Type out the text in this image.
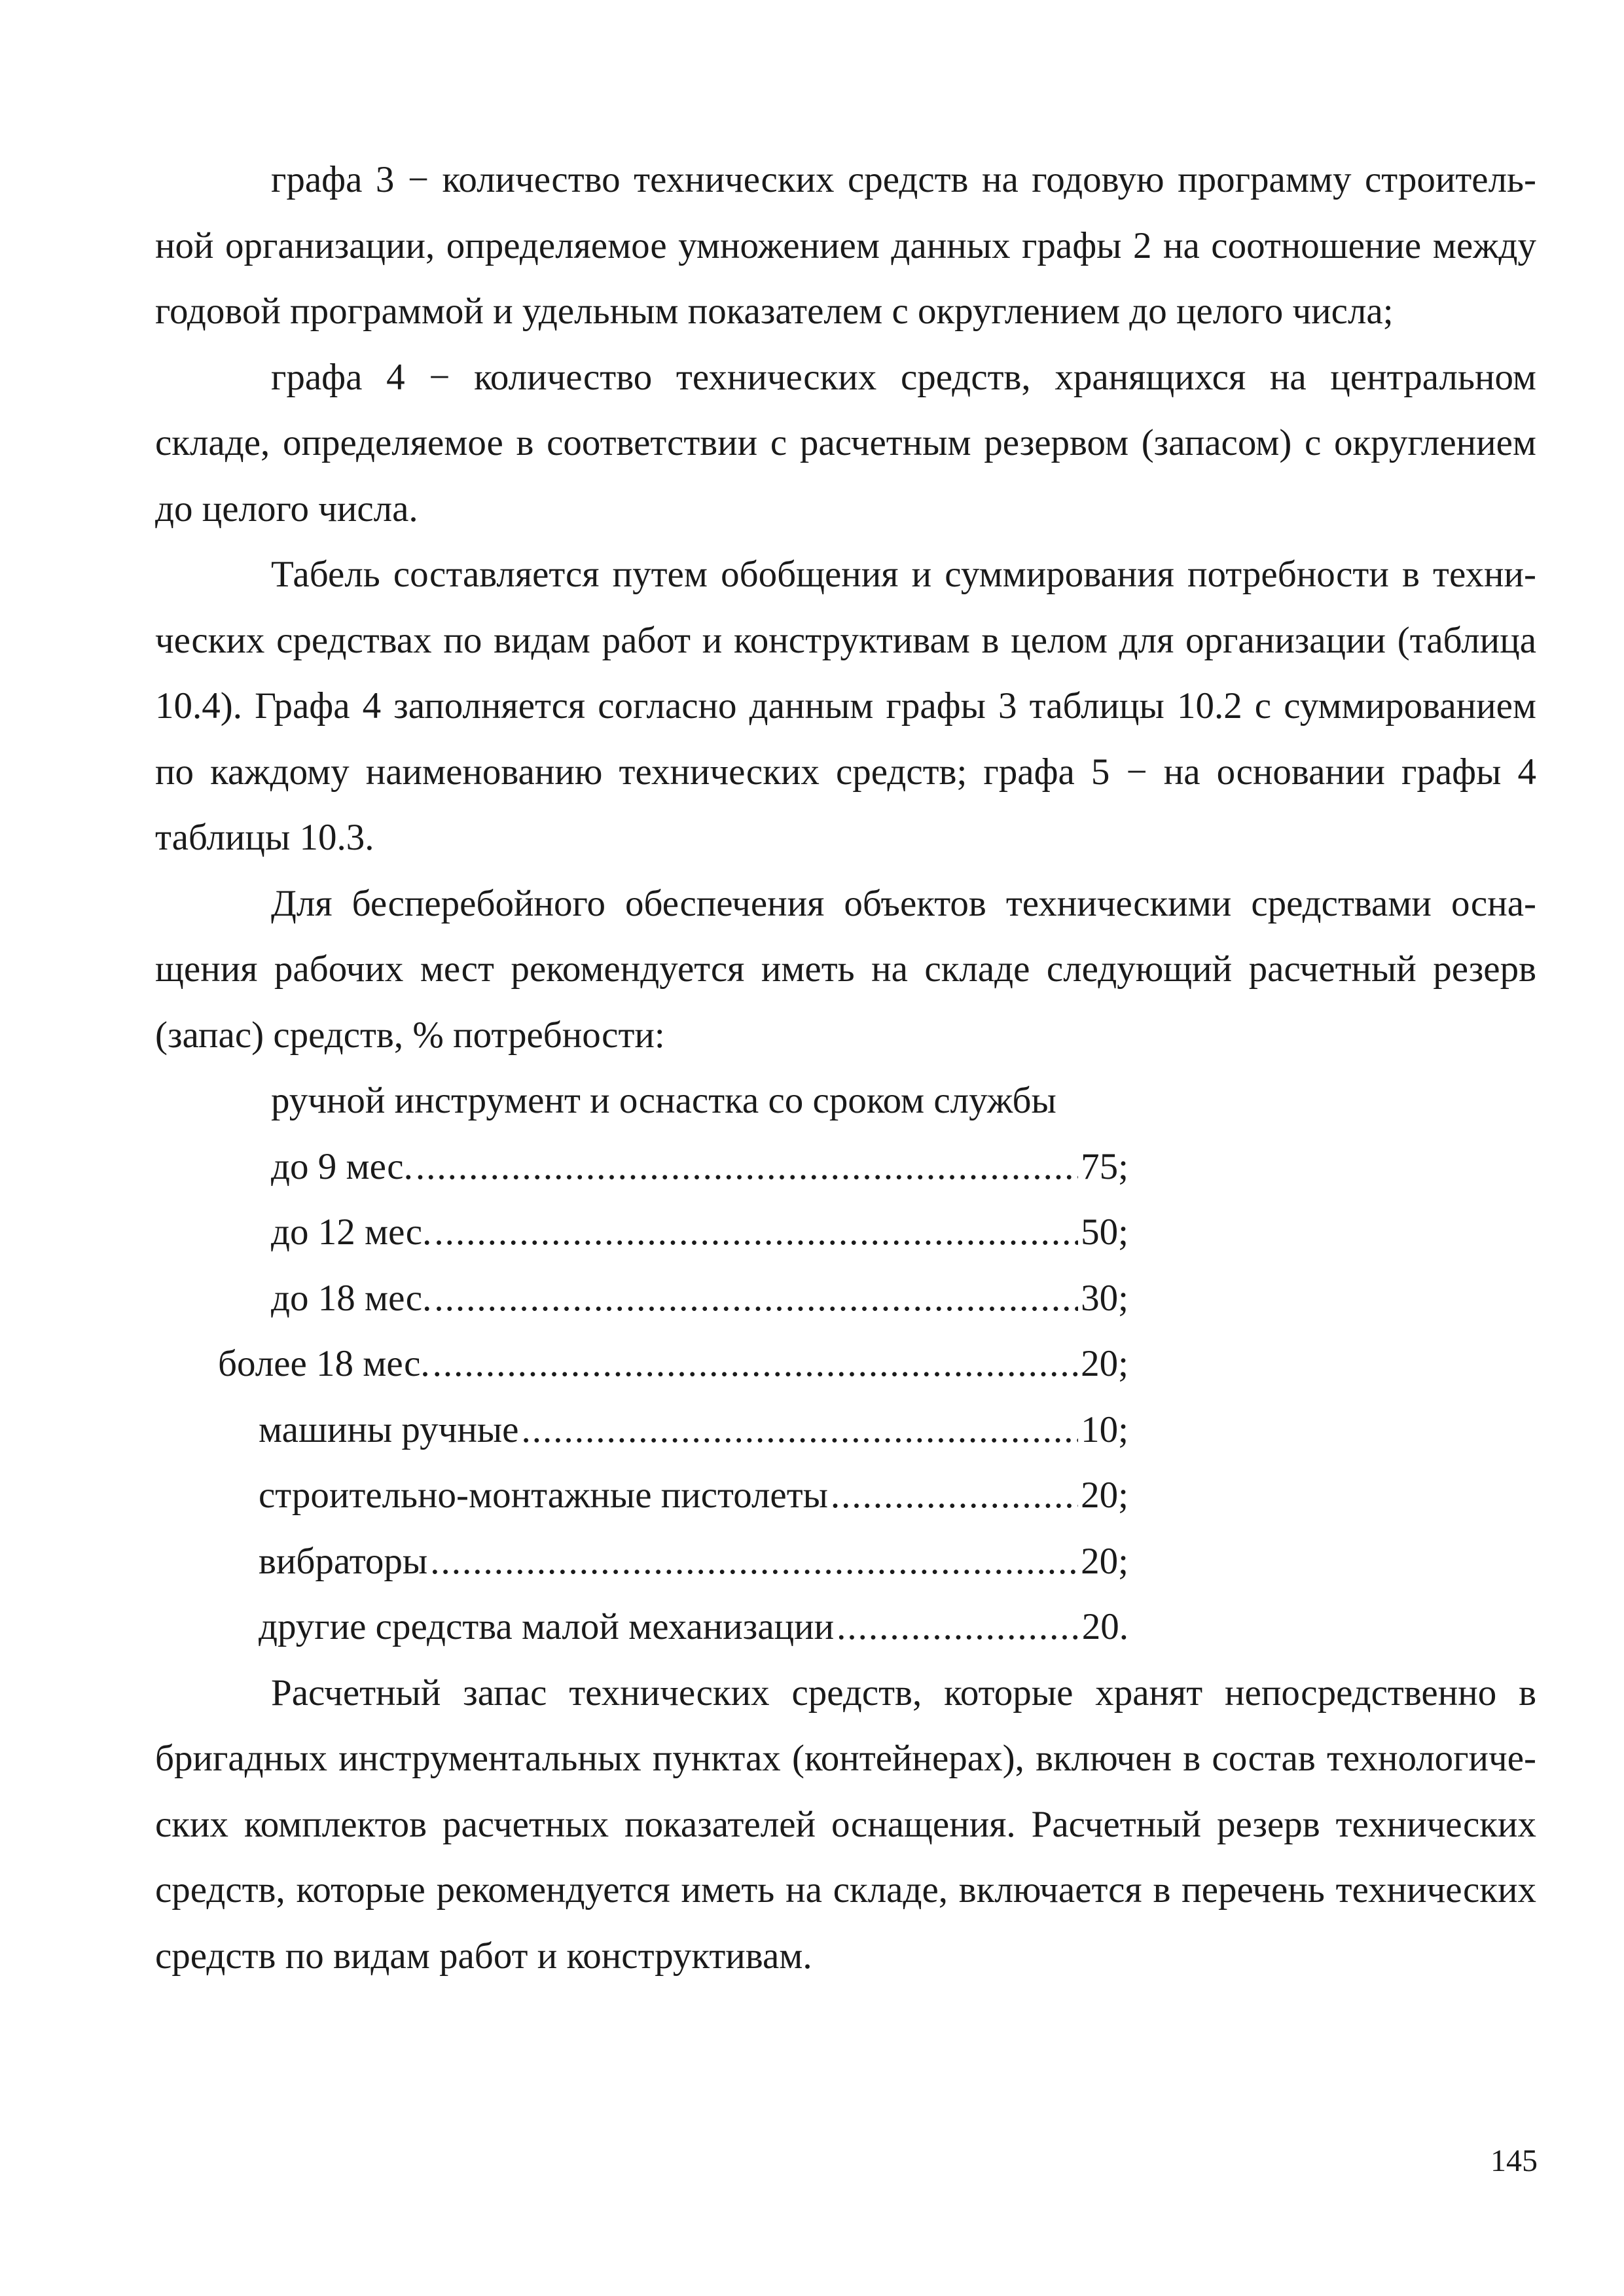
графа 3 − количество технических средств на годовую программу строительной организации, определяемое умножением данных графы 2 на соотношение между годовой программой и удельным показателем с округлением до целого числа;

графа 4 − количество технических средств, хранящихся на центральном складе, определяемое в соответствии с расчетным резервом (запасом) с округлением до целого числа.

Табель составляется путем обобщения и суммирования потребности в технических средствах по видам работ и конструктивам в целом для организации (таблица 10.4). Графа 4 заполняется согласно данным графы 3 таблицы 10.2 с суммированием по каждому наименованию технических средств; графа 5 − на основании графы 4 таблицы 10.3.

Для бесперебойного обеспечения объектов техническими средствами оснащения рабочих мест рекомендуется иметь на складе следующий расчетный резерв (запас) средств, % потребности:

ручной инструмент и оснастка со сроком службы
до 9 мес. .....	75;
до 12 мес. .....	50;
до 18 мес. .....	30;
более 18 мес. .....	20;
машины ручные .....	10;
строительно-монтажные пистолеты .....	20;
вибраторы .....	20;
другие средства малой механизации .....	20.

Расчетный запас технических средств, которые хранят непосредственно в бригадных инструментальных пунктах (контейнерах), включен в состав технологических комплектов расчетных показателей оснащения. Расчетный резерв технических средств, которые рекомендуется иметь на складе, включается в перечень технических средств по видам работ и конструктивам.

145
